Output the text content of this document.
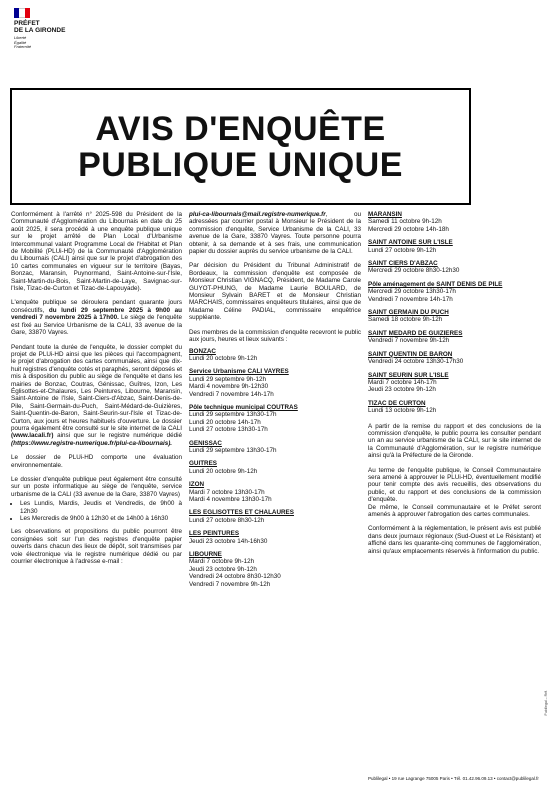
PRÉFET
DE LA GIRONDE
Liberté
Égalité
Fraternité
AVIS D'ENQUÊTE
PUBLIQUE UNIQUE

Conformément à l'arrêté n° 2025-598 du Président de la Communauté d'Agglomération du Libournais en date du 25 août 2025, il sera procédé à une enquête publique unique sur le projet arrêté de Plan Local d'Urbanisme Intercommunal valant Programme Local de l'Habitat et Plan de Mobilité (PLUi-HD) de la Communauté d'Agglomération du Libournais (CALI) ainsi que sur le projet d'abrogation des 10 cartes communales en vigueur sur le territoire (Bayas, Bonzac, Maransin, Puynormand, Saint-Antoine-sur-l'Isle, Saint-Martin-du-Bois, Saint-Martin-de-Laye, Savignac-sur-l'Isle, Tizac-de-Curton et Tizac-de-Lapouyade).

L'enquête publique se déroulera pendant quarante jours consécutifs, du lundi 29 septembre 2025 à 9h00 au vendredi 7 novembre 2025 à 17h00. Le siège de l'enquête est fixé au Service Urbanisme de la CALI, 33 avenue de la Gare, 33870 Vayres.

Pendant toute la durée de l'enquête, le dossier complet du projet de PLUi-HD ainsi que les pièces qui l'accompagnent, le projet d'abrogation des cartes communales, ainsi que dix-huit registres d'enquête cotés et paraphés, seront déposés et mis à disposition du public au siège de l'enquête et dans les mairies de Bonzac, Coutras, Génissac, Guîtres, Izon, Les Églisottes-et-Chalaures, Les Peintures, Libourne, Maransin, Saint-Antoine de l'Isle, Saint-Ciers-d'Abzac, Saint-Denis-de-Pile, Saint-Germain-du-Puch, Saint-Médard-de-Guizières, Saint-Quentin-de-Baron, Saint-Seurin-sur-l'Isle et Tizac-de-Curton, aux jours et heures habituels d'ouverture. Le dossier pourra également être consulté sur le site internet de la CALI (www.lacali.fr) ainsi que sur le registre numérique dédié (https://www.registre-numerique.fr/plui-ca-libournais).

Le dossier de PLUi-HD comporte une évaluation environnementale.

Le dossier d'enquête publique peut également être consulté sur un poste informatique au siège de l'enquête, service urbanisme de la CALI (33 avenue de la Gare, 33870 Vayres)

• Les Lundis, Mardis, Jeudis et Vendredis, de 9h00 à 12h30
• Les Mercredis de 9h00 à 12h30 et de 14h00 à 16h30

Les observations et propositions du public pourront être consignées soit sur l'un des registres d'enquête papier ouverts dans chacun des lieux de dépôt, soit transmises par voie électronique via le registre numérique dédié ou par courrier électronique à l'adresse e-mail :

plui-ca-libournais@mail.registre-numerique.fr, ou adressées par courrier postal à Monsieur le Président de la commission d'enquête, Service Urbanisme de la CALI, 33 avenue de la Gare, 33870 Vayres. Toute personne pourra obtenir, à sa demande et à ses frais, une communication papier du dossier auprès du service urbanisme de la CALI.

Par décision du Président du Tribunal Administratif de Bordeaux, la commission d'enquête est composée de Monsieur Christian VIGNACQ, Président, de Madame Carole GUYOT-PHUNG, de Madame Laurie BOULARD, de Monsieur Sylvain BARET et de Monsieur Christian MARCHAIS, commissaires enquêteurs titulaires, ainsi que de Madame Céline PADIAL, commissaire enquêtrice suppléante.

Des membres de la commission d'enquête recevront le public aux jours, heures et lieux suivants :

BONZAC
Lundi 20 octobre 9h-12h
Service Urbanisme CALI VAYRES
Lundi 29 septembre 9h-12h
Mardi 4 novembre 9h-12h30
Vendredi 7 novembre 14h-17h
Pôle technique municipal COUTRAS
Lundi 29 septembre 13h30-17h
Lundi 20 octobre 14h-17h
Lundi 27 octobre 13h30-17h
GENISSAC
Lundi 29 septembre 13h30-17h
GUITRES
Lundi 20 octobre 9h-12h
IZON
Mardi 7 octobre 13h30-17h
Mardi 4 novembre 13h30-17h
LES EGLISOTTES ET CHALAURES
Lundi 27 octobre 8h30-12h
LES PEINTURES
Jeudi 23 octobre 14h-16h30
LIBOURNE
Mardi 7 octobre 9h-12h
Jeudi 23 octobre 9h-12h
Vendredi 24 octobre 8h30-12h30
Vendredi 7 novembre 9h-12h
MARANSIN
Samedi 11 octobre 9h-12h
Mercredi 29 octobre 14h-18h
SAINT ANTOINE SUR L'ISLE
Lundi 27 octobre 9h-12h
SAINT CIERS D'ABZAC
Mercredi 29 octobre 8h30-12h30
Pôle aménagement de SAINT DENIS DE PILE
Mercredi 29 octobre 13h30-17h
Vendredi 7 novembre 14h-17h
SAINT GERMAIN DU PUCH
Samedi 18 octobre 9h-12h
SAINT MEDARD DE GUIZIERES
Vendredi 7 novembre 9h-12h
SAINT QUENTIN DE BARON
Vendredi 24 octobre 13h30-17h30
SAINT SEURIN SUR L'ISLE
Mardi 7 octobre 14h-17h
Jeudi 23 octobre 9h-12h
TIZAC DE CURTON
Lundi 13 octobre 9h-12h

A partir de la remise du rapport et des conclusions de la commission d'enquête, le public pourra les consulter pendant un an au service urbanisme de la CALI, sur le site internet de la Communauté d'Agglomération, sur le registre numérique ainsi qu'à la Préfecture de la Gironde.

Au terme de l'enquête publique, le Conseil Communautaire sera amené à approuver le PLUi-HD, éventuellement modifié pour tenir compte des avis recueillis, des observations du public, et du rapport et des conclusions de la commission d'enquête.

De même, le Conseil communautaire et le Préfet seront amenés à approuver l'abrogation des cartes communales.

Conformément à la réglementation, le présent avis est publié dans deux journaux régionaux (Sud-Ouest et Le Résistant) et affiché dans les quarante-cinq communes de l'agglomération, ainsi qu'aux emplacements réservés à l'information du public.

Publilegal • 19 rue Lagrange 75005 Paris • Tél. 01.42.96.09.13 • contact@publilegal.fr
Publilegal – Réf.
